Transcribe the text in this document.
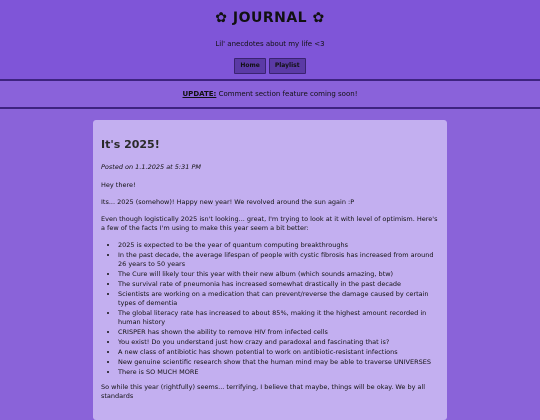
✿ JOURNAL ✿
Lil' anecdotes about my life <3
Home	Playlist
UPDATE: Comment section feature coming soon!
It's 2025!
Posted on 1.1.2025 at 5:31 PM
Hey there!
Its... 2025 (somehow)! Happy new year! We revolved around the sun again :P
Even though logistically 2025 isn't looking... great, I'm trying to look at it with level of optimism. Here's a few of the facts I'm using to make this year seem a bit better:
• 2025 is expected to be the year of quantum computing breakthroughs
• In the past decade, the average lifespan of people with cystic fibrosis has increased from around 26 years to 50 years
• The Cure will likely tour this year with their new album (which sounds amazing, btw)
• The survival rate of pneumonia has increased somewhat drastically in the past decade
• Scientists are working on a medication that can prevent/reverse the damage caused by certain types of dementia
• The global literacy rate has increased to about 85%, making it the highest amount recorded in human history
• CRISPER has shown the ability to remove HIV from infected cells
• You exist! Do you understand just how crazy and paradoxal and fascinating that is?
• A new class of antibiotic has shown potential to work on antibiotic-resistant infections
• New genuine scientific research show that the human mind may be able to traverse UNIVERSES
• There is SO MUCH MORE
So while this year (rightfully) seems... terrifying, I believe that maybe, things will be okay. We by all standards
